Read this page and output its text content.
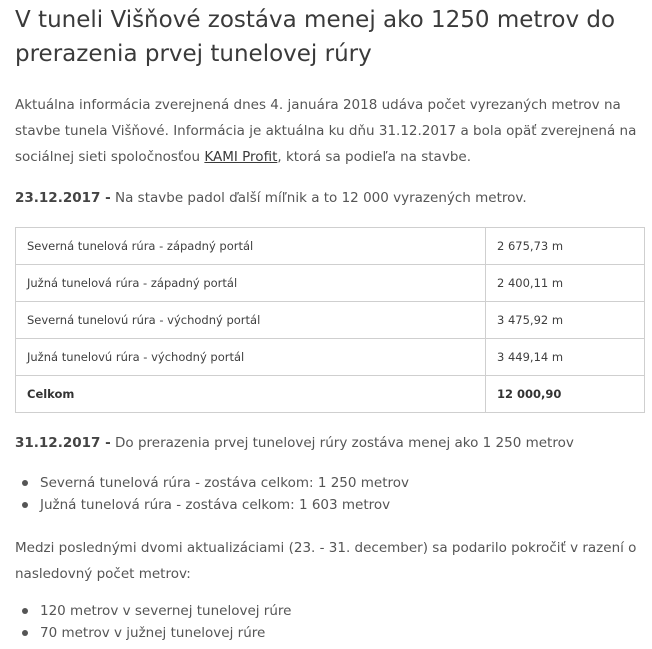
V tuneli Višňové zostáva menej ako 1250 metrov do prerazenia prvej tunelovej rúry

Aktuálna informácia zverejnená dnes 4. januára 2018 udáva počet vyrezaných metrov na stavbe tunela Višňové. Informácia je aktuálna ku dňu 31.12.2017 a bola opäť zverejnená na sociálnej sieti spoločnosťou KAMI Profit, ktorá sa podieľa na stavbe.

23.12.2017 - Na stavbe padol ďalší míľnik a to 12 000 vyrazených metrov.

Severná tunelová rúra - západný portál	2 675,73 m
Južná tunelová rúra - západný portál	2 400,11 m
Severná tunelovú rúra - východný portál	3 475,92 m
Južná tunelovú rúra - východný portál	3 449,14 m
Celkom	12 000,90

31.12.2017 - Do prerazenia prvej tunelovej rúry zostáva menej ako 1 250 metrov

Severná tunelová rúra - zostáva celkom: 1 250 metrov
Južná tunelová rúra - zostáva celkom: 1 603 metrov

Medzi poslednými dvomi aktualizáciami (23. - 31. december) sa podarilo pokročiť v razení o nasledovný počet metrov:

120 metrov v severnej tunelovej rúre
70 metrov v južnej tunelovej rúre
